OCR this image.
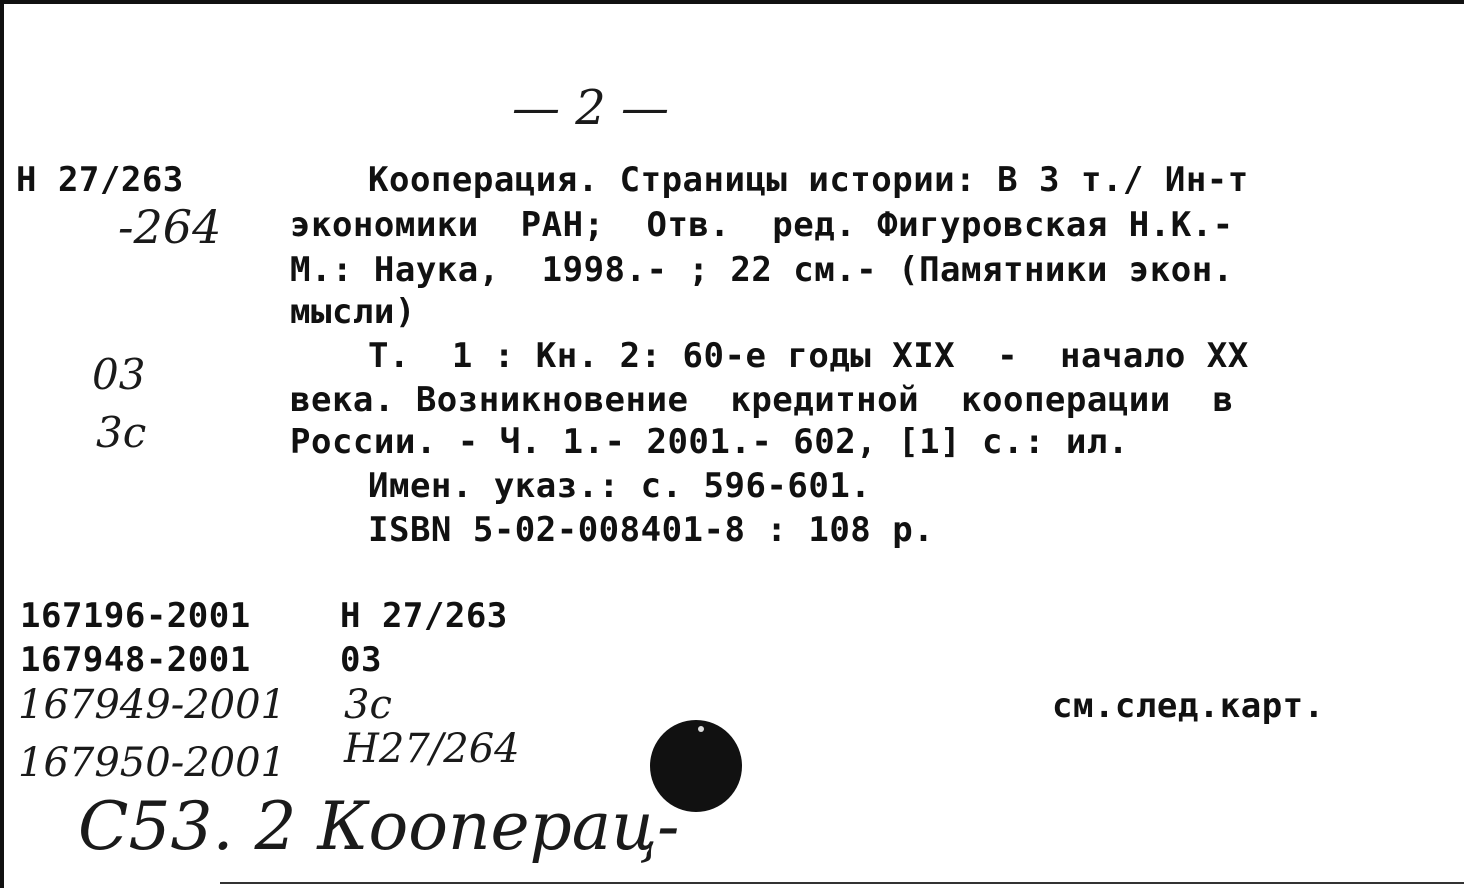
— 2 —
Н 27/263
-264
03
3c
Кооперация. Страницы истории: В 3 т./ Ин-т
экономики  РАН;  Отв.  ред. Фигуровская Н.К.-
М.: Наука,  1998.- ; 22 см.- (Памятники экон.
мысли)
Т.  1 : Кн. 2: 60-е годы XIX  -  начало XX
века. Возникновение  кредитной  кооперации  в
России. - Ч. 1.- 2001.- 602, [1] с.: ил.
Имен. указ.: с. 596-601.
ISBN 5-02-008401-8 : 108 р.
167196-2001	Н 27/263
167948-2001	03
167949-2001 3c
167950-2001 Н27/264
см.след.карт.
С53. 2 Кооперац-
